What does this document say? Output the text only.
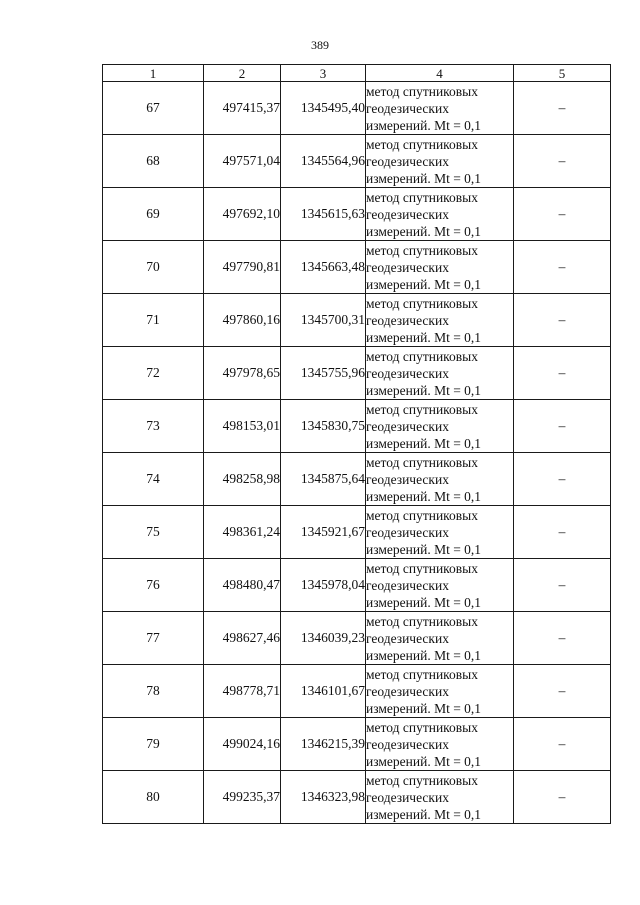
389
1	2	3	4	5
67	497415,37	1345495,40	метод спутниковых
геодезических
измерений. Mt = 0,1	–
68	497571,04	1345564,96	метод спутниковых
геодезических
измерений. Mt = 0,1	–
69	497692,10	1345615,63	метод спутниковых
геодезических
измерений. Mt = 0,1	–
70	497790,81	1345663,48	метод спутниковых
геодезических
измерений. Mt = 0,1	–
71	497860,16	1345700,31	метод спутниковых
геодезических
измерений. Mt = 0,1	–
72	497978,65	1345755,96	метод спутниковых
геодезических
измерений. Mt = 0,1	–
73	498153,01	1345830,75	метод спутниковых
геодезических
измерений. Mt = 0,1	–
74	498258,98	1345875,64	метод спутниковых
геодезических
измерений. Mt = 0,1	–
75	498361,24	1345921,67	метод спутниковых
геодезических
измерений. Mt = 0,1	–
76	498480,47	1345978,04	метод спутниковых
геодезических
измерений. Mt = 0,1	–
77	498627,46	1346039,23	метод спутниковых
геодезических
измерений. Mt = 0,1	–
78	498778,71	1346101,67	метод спутниковых
геодезических
измерений. Mt = 0,1	–
79	499024,16	1346215,39	метод спутниковых
геодезических
измерений. Mt = 0,1	–
80	499235,37	1346323,98	метод спутниковых
геодезических
измерений. Mt = 0,1	–
